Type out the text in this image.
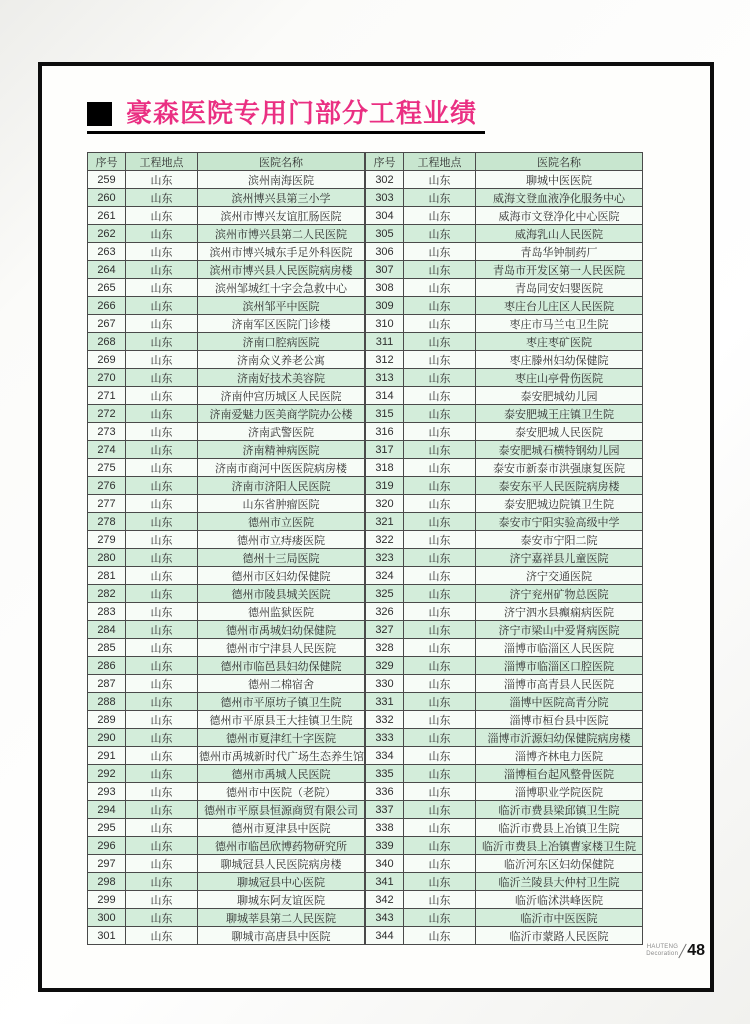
豪森医院专用门部分工程业绩
序号	工程地点	医院名称
259	山东	滨州南海医院
260	山东	滨州博兴县第三小学
261	山东	滨州市博兴友谊肛肠医院
262	山东	滨州市博兴县第二人民医院
263	山东	滨州市博兴城东手足外科医院
264	山东	滨州市博兴县人民医院病房楼
265	山东	滨州邹城红十字会急救中心
266	山东	滨州邹平中医院
267	山东	济南军区医院门诊楼
268	山东	济南口腔病医院
269	山东	济南众义养老公寓
270	山东	济南好技术美容院
271	山东	济南仲宫历城区人民医院
272	山东	济南爱魅力医美商学院办公楼
273	山东	济南武警医院
274	山东	济南精神病医院
275	山东	济南市商河中医医院病房楼
276	山东	济南市济阳人民医院
277	山东	山东省肿瘤医院
278	山东	德州市立医院
279	山东	德州市立痔瘘医院
280	山东	德州十三局医院
281	山东	德州市区妇幼保健院
282	山东	德州市陵县城关医院
283	山东	德州监狱医院
284	山东	德州市禹城妇幼保健院
285	山东	德州市宁津县人民医院
286	山东	德州市临邑县妇幼保健院
287	山东	德州二棉宿舍
288	山东	德州市平原坊子镇卫生院
289	山东	德州市平原县王大挂镇卫生院
290	山东	德州市夏津红十字医院
291	山东	德州市禹城新时代广场生态养生馆
292	山东	德州市禹城人民医院
293	山东	德州市中医院（老院）
294	山东	德州市平原县恒源商贸有限公司
295	山东	德州市夏津县中医院
296	山东	德州市临邑欣博药物研究所
297	山东	聊城冠县人民医院病房楼
298	山东	聊城冠县中心医院
299	山东	聊城东阿友谊医院
300	山东	聊城莘县第二人民医院
301	山东	聊城市高唐县中医院
序号	工程地点	医院名称
302	山东	聊城中医医院
303	山东	威海文登血液净化服务中心
304	山东	威海市文登净化中心医院
305	山东	威海乳山人民医院
306	山东	青岛华钟制药厂
307	山东	青岛市开发区第一人民医院
308	山东	青岛同安妇婴医院
309	山东	枣庄台儿庄区人民医院
310	山东	枣庄市马兰屯卫生院
311	山东	枣庄枣矿医院
312	山东	枣庄滕州妇幼保健院
313	山东	枣庄山亭骨伤医院
314	山东	泰安肥城幼儿园
315	山东	泰安肥城王庄镇卫生院
316	山东	泰安肥城人民医院
317	山东	泰安肥城石横特钢幼儿园
318	山东	泰安市新泰市洪强康复医院
319	山东	泰安东平人民医院病房楼
320	山东	泰安肥城边院镇卫生院
321	山东	泰安市宁阳实验高级中学
322	山东	泰安市宁阳二院
323	山东	济宁嘉祥县儿童医院
324	山东	济宁交通医院
325	山东	济宁兖州矿物总医院
326	山东	济宁泗水县癫痫病医院
327	山东	济宁市梁山中爱肾病医院
328	山东	淄博市临淄区人民医院
329	山东	淄博市临淄区口腔医院
330	山东	淄博市高青县人民医院
331	山东	淄博中医院高青分院
332	山东	淄博市桓台县中医院
333	山东	淄博市沂源妇幼保健院病房楼
334	山东	淄博齐林电力医院
335	山东	淄博桓台起风整骨医院
336	山东	淄博职业学院医院
337	山东	临沂市费县梁邱镇卫生院
338	山东	临沂市费县上冶镇卫生院
339	山东	临沂市费县上冶镇曹家楼卫生院
340	山东	临沂河东区妇幼保健院
341	山东	临沂兰陵县大仲村卫生院
342	山东	临沂临沭洪峰医院
343	山东	临沂市中医医院
344	山东	临沂市蒙路人民医院
HAUTENG
Decoration 48
